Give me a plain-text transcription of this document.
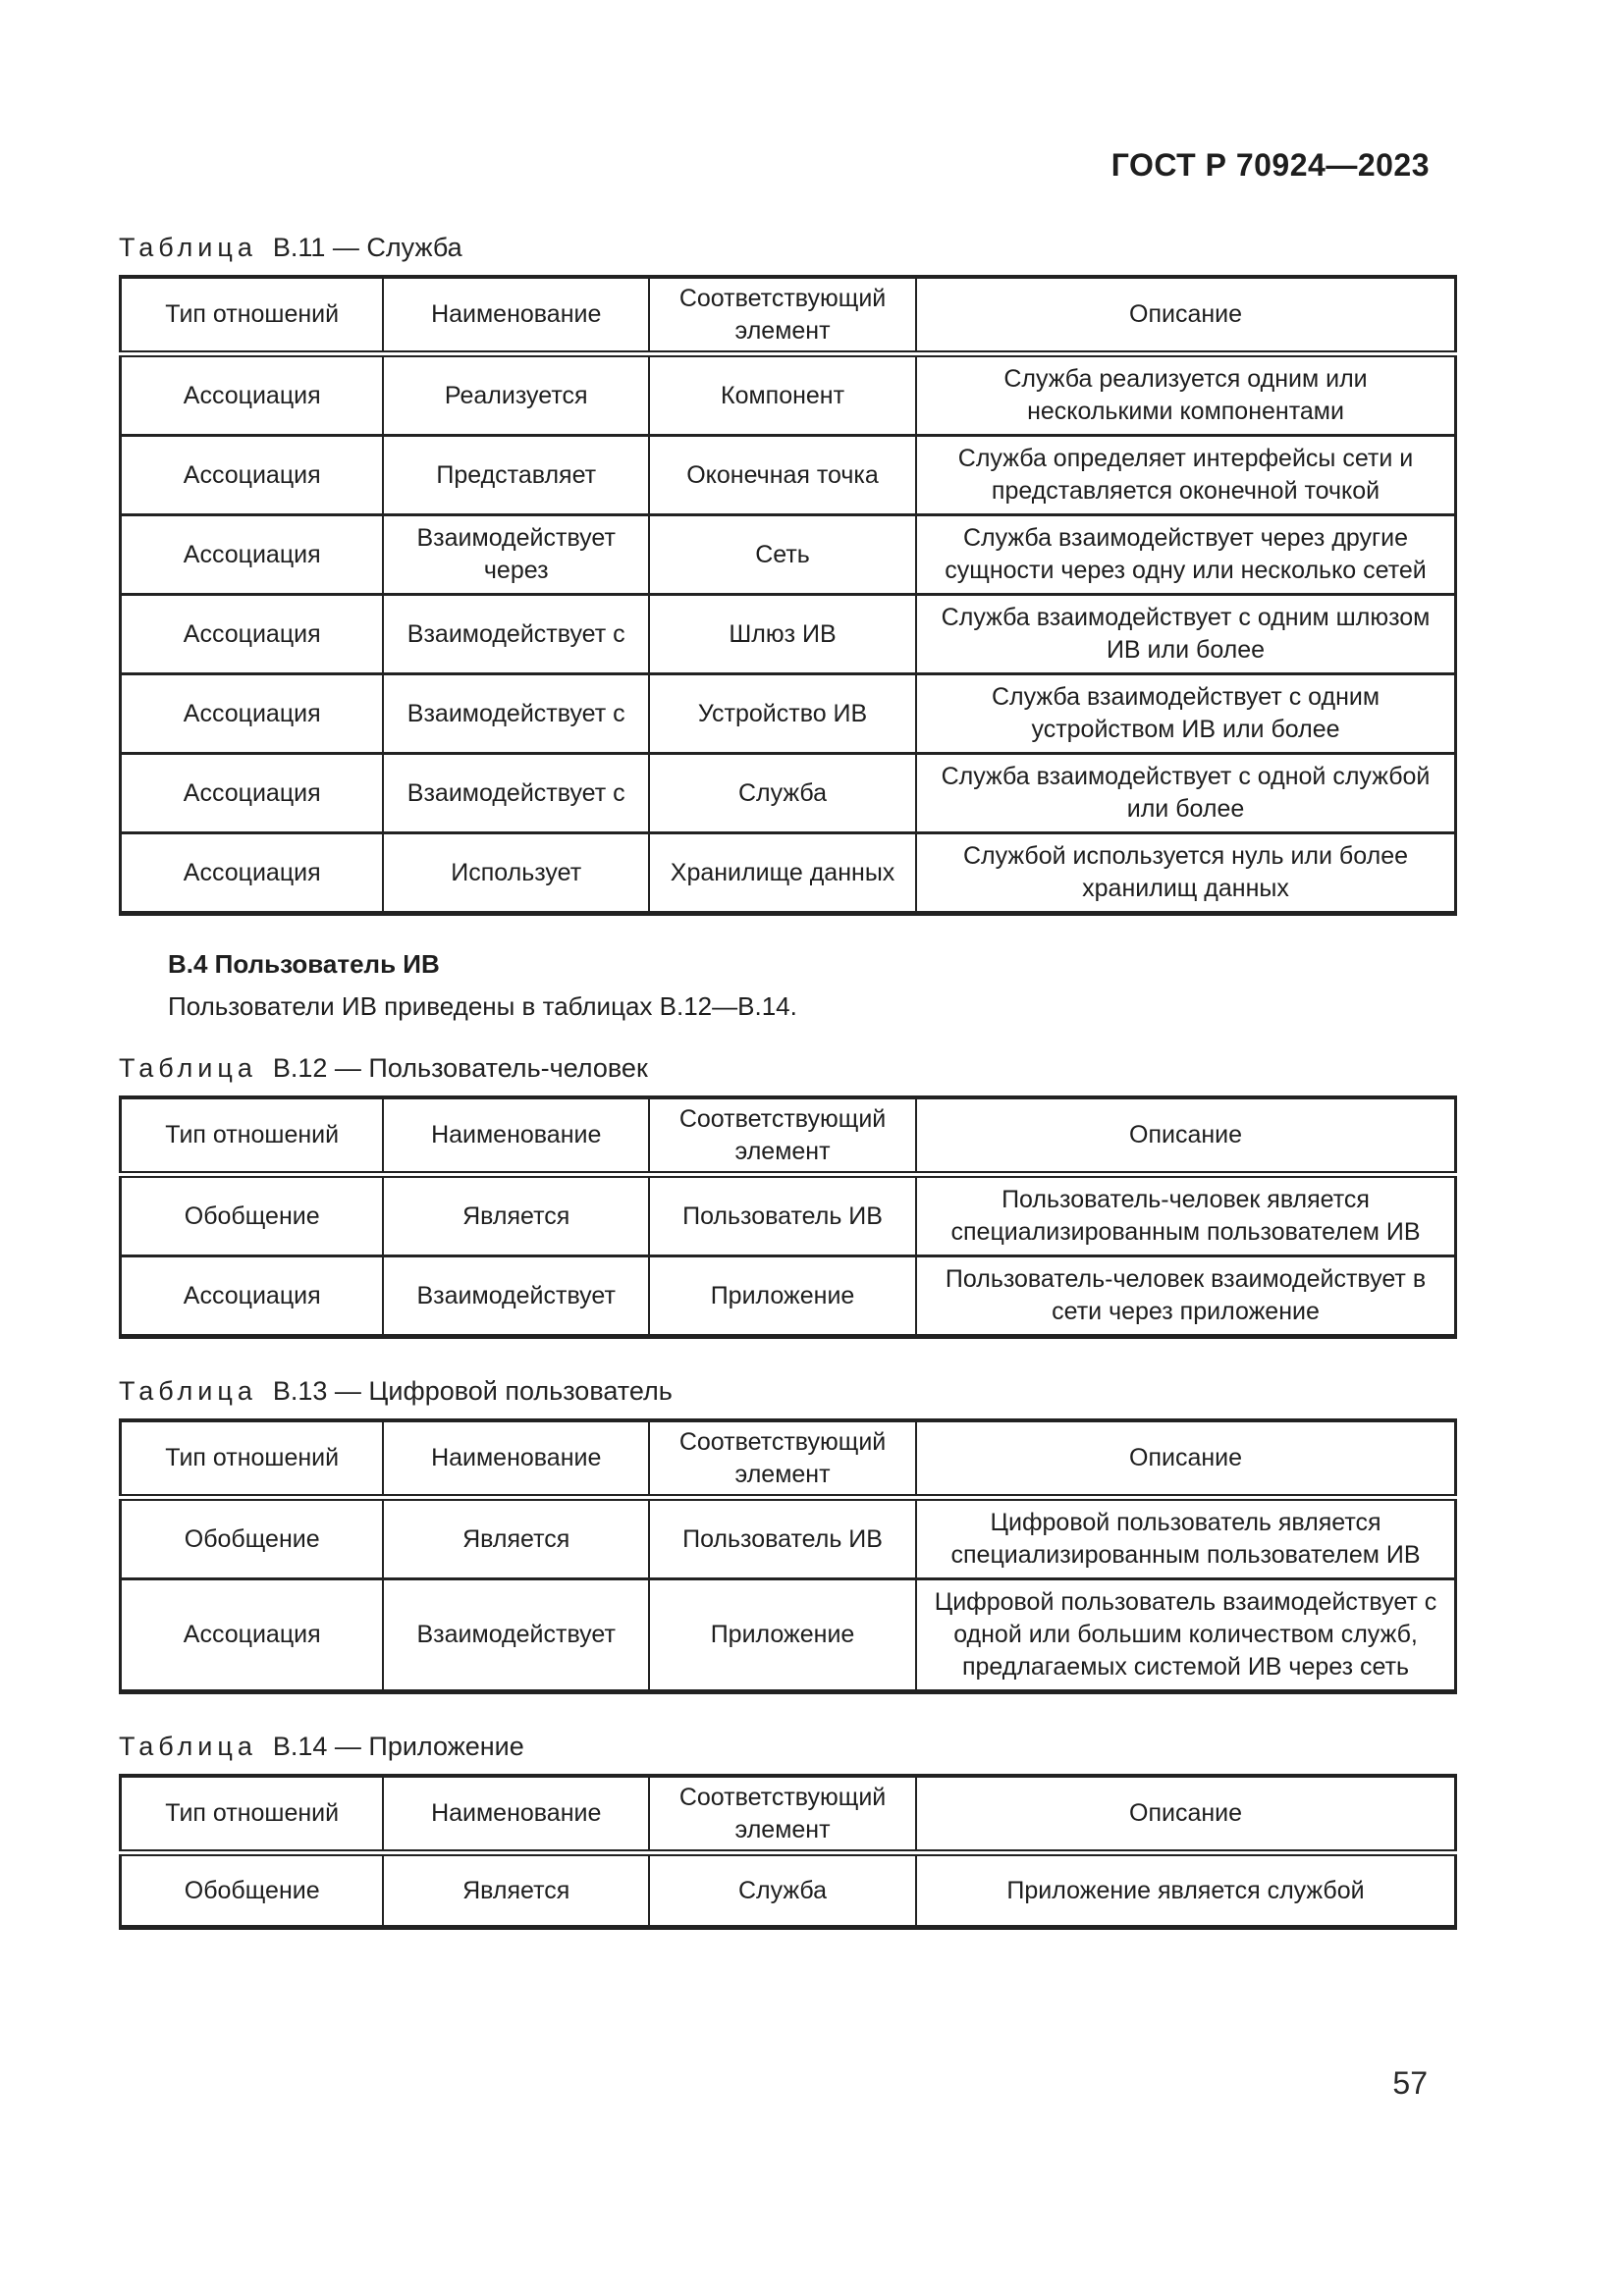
ГОСТ Р 70924—2023
Таблица В.11 — Служба
Тип отношений	Наименование	Соответствующий элемент	Описание
Ассоциация	Реализуется	Компонент	Служба реализуется одним или несколькими компонентами
Ассоциация	Представляет	Оконечная точка	Служба определяет интерфейсы сети и представляется оконечной точкой
Ассоциация	Взаимодействует через	Сеть	Служба взаимодействует через другие сущности через одну или несколько сетей
Ассоциация	Взаимодействует с	Шлюз ИВ	Служба взаимодействует с одним шлюзом ИВ или более
Ассоциация	Взаимодействует с	Устройство ИВ	Служба взаимодействует с одним устройством ИВ или более
Ассоциация	Взаимодействует с	Служба	Служба взаимодействует с одной службой или более
Ассоциация	Использует	Хранилище данных	Службой используется нуль или более хранилищ данных
В.4 Пользователь ИВ
Пользователи ИВ приведены в таблицах В.12—В.14.
Таблица В.12 — Пользователь-человек
Тип отношений	Наименование	Соответствующий элемент	Описание
Обобщение	Является	Пользователь ИВ	Пользователь-человек является специализированным пользователем ИВ
Ассоциация	Взаимодействует	Приложение	Пользователь-человек взаимодействует в сети через приложение
Таблица В.13 — Цифровой пользователь
Тип отношений	Наименование	Соответствующий элемент	Описание
Обобщение	Является	Пользователь ИВ	Цифровой пользователь является специализированным пользователем ИВ
Ассоциация	Взаимодействует	Приложение	Цифровой пользователь взаимодействует с одной или большим количеством служб, предлагаемых системой ИВ через сеть
Таблица В.14 — Приложение
Тип отношений	Наименование	Соответствующий элемент	Описание
Обобщение	Является	Служба	Приложение является службой
57
